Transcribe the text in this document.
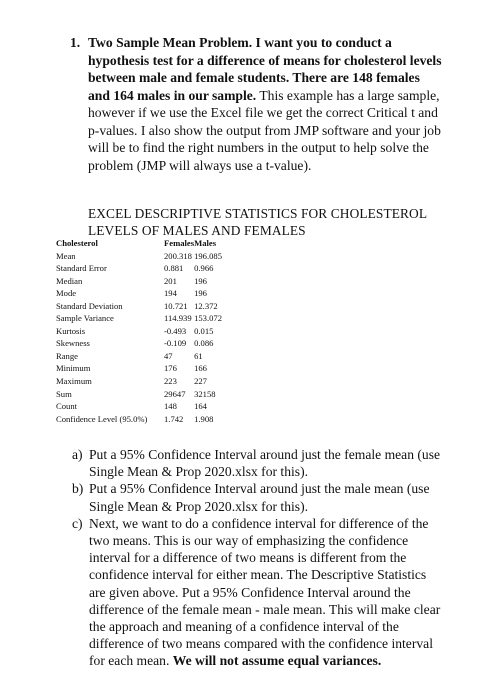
1. Two Sample Mean Problem. I want you to conduct a hypothesis test for a difference of means for cholesterol levels between male and female students. There are 148 females and 164 males in our sample. This example has a large sample, however if we use the Excel file we get the correct Critical t and p-values. I also show the output from JMP software and your job will be to find the right numbers in the output to help solve the problem (JMP will always use a t-value).

EXCEL DESCRIPTIVE STATISTICS FOR CHOLESTEROL LEVELS OF MALES AND FEMALES
Cholesterol	Females	Males
Mean	200.318	196.085
Standard Error	0.881	0.966
Median	201	196
Mode	194	196
Standard Deviation	10.721	12.372
Sample Variance	114.939	153.072
Kurtosis	-0.493	0.015
Skewness	-0.109	0.086
Range	47	61
Minimum	176	166
Maximum	223	227
Sum	29647	32158
Count	148	164
Confidence Level (95.0%)	1.742	1.908
a) Put a 95% Confidence Interval around just the female mean (use Single Mean & Prop 2020.xlsx for this).
b) Put a 95% Confidence Interval around just the male mean (use Single Mean & Prop 2020.xlsx for this).
c) Next, we want to do a confidence interval for difference of the two means. This is our way of emphasizing the confidence interval for a difference of two means is different from the confidence interval for either mean. The Descriptive Statistics are given above. Put a 95% Confidence Interval around the difference of the female mean - male mean. This will make clear the approach and meaning of a confidence interval of the difference of two means compared with the confidence interval for each mean. We will not assume equal variances.
